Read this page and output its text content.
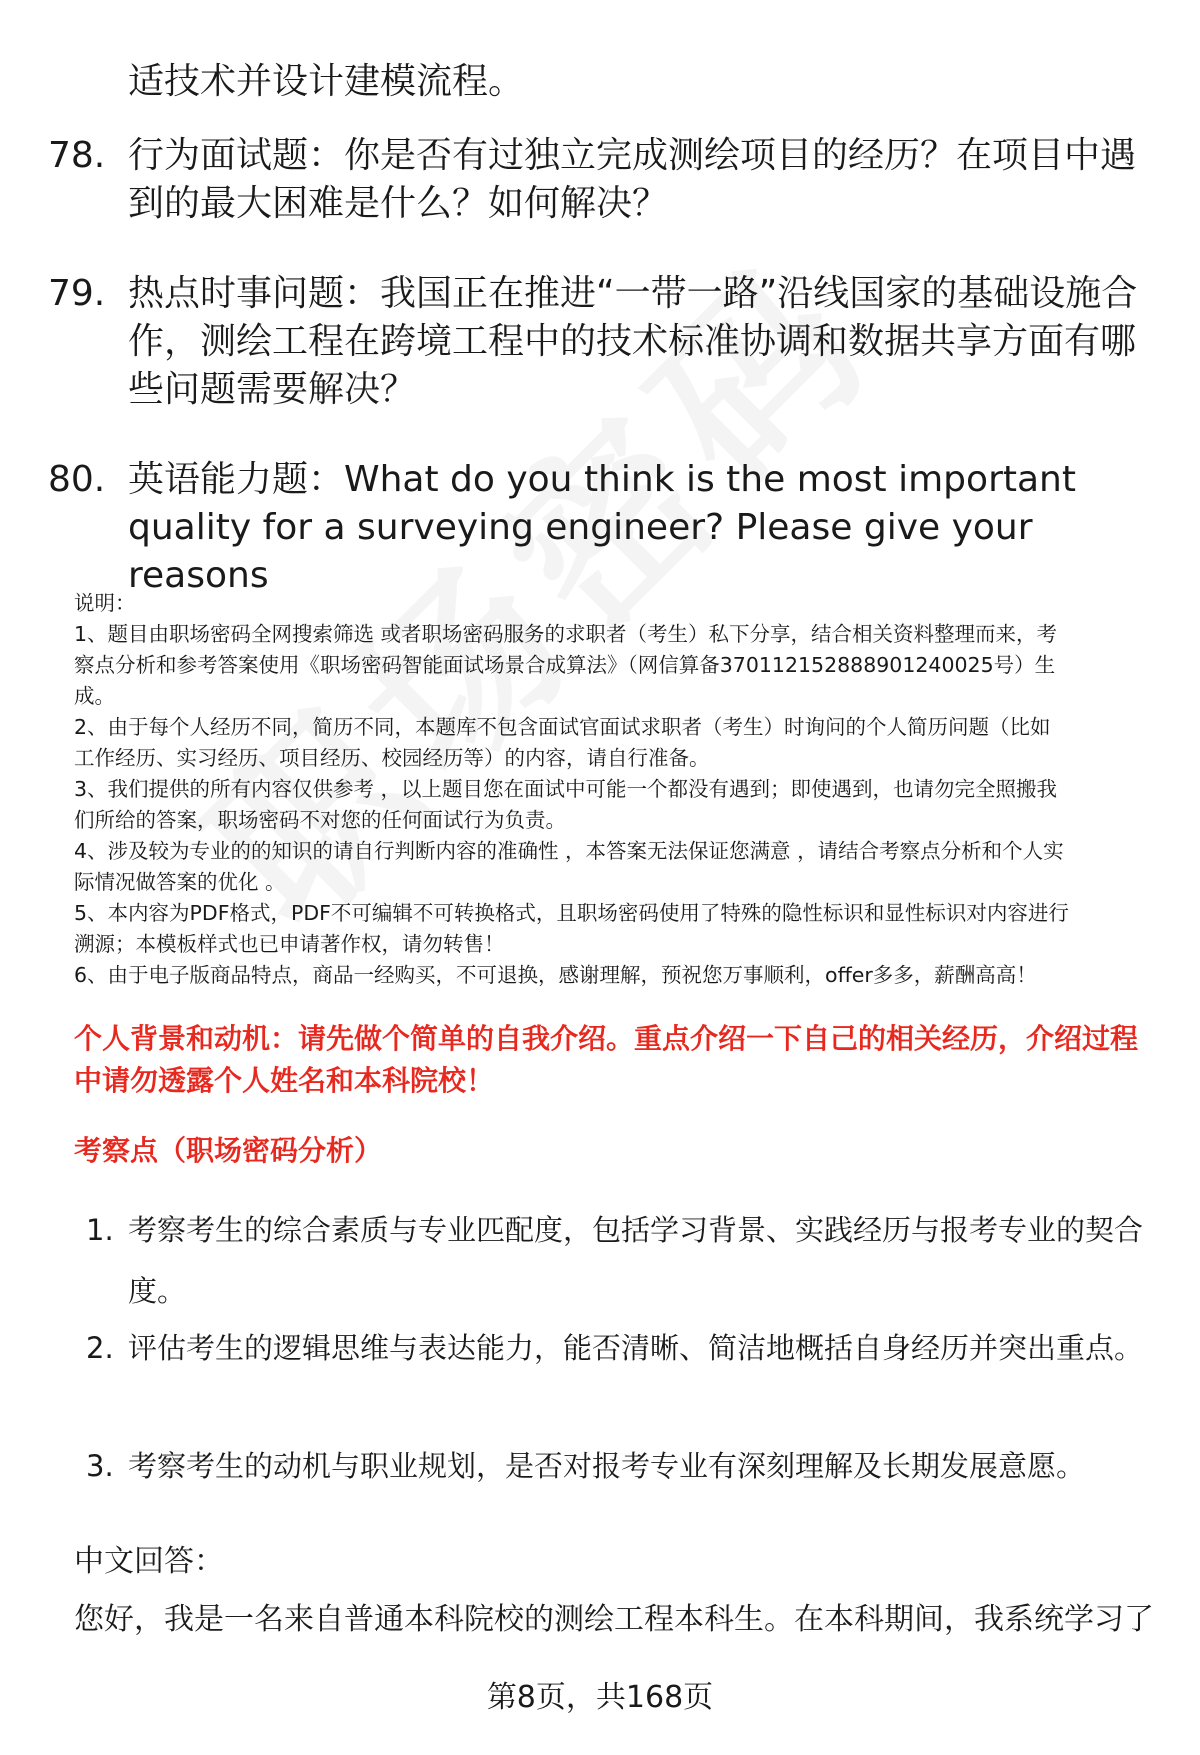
适技术并设计建模流程。
78. 行为面试题：你是否有过独立完成测绘项目的经历？在项目中遇到的最大困难是什么？如何解决？
79. 热点时事问题：我国正在推进“一带一路”沿线国家的基础设施合作，测绘工程在跨境工程中的技术标准协调和数据共享方面有哪些问题需要解决？
80. 英语能力题：What do you think is the most important quality for a surveying engineer? Please give your reasons
说明：
1、题目由职场密码全网搜索筛选 或者职场密码服务的求职者（考生）私下分享，结合相关资料整理而来，考
察点分析和参考答案使用《职场密码智能面试场景合成算法》（网信算备370112152888901240025号）生
成。
2、由于每个人经历不同，简历不同，本题库不包含面试官面试求职者（考生）时询问的个人简历问题（比如
工作经历、实习经历、项目经历、校园经历等）的内容，请自行准备。
3、我们提供的所有内容仅供参考 ，以上题目您在面试中可能一个都没有遇到；即使遇到，也请勿完全照搬我
们所给的答案，职场密码不对您的任何面试行为负责。
4、涉及较为专业的的知识的请自行判断内容的准确性 ，本答案无法保证您满意 ，请结合考察点分析和个人实
际情况做答案的优化 。
5、本内容为PDF格式，PDF不可编辑不可转换格式，且职场密码使用了特殊的隐性标识和显性标识对内容进行
溯源；本模板样式也已申请著作权，请勿转售！
6、由于电子版商品特点，商品一经购买，不可退换，感谢理解，预祝您万事顺利，offer多多，薪酬高高！
个人背景和动机：请先做个简单的自我介绍。重点介绍一下自己的相关经历，介绍过程中请勿透露个人姓名和本科院校！
考察点（职场密码分析）
1. 考察考生的综合素质与专业匹配度，包括学习背景、实践经历与报考专业的契合度。
2. 评估考生的逻辑思维与表达能力，能否清晰、简洁地概括自身经历并突出重点。
3. 考察考生的动机与职业规划，是否对报考专业有深刻理解及长期发展意愿。
中文回答：
您好，我是一名来自普通本科院校的测绘工程本科生。在本科期间，我系统学习了
第8页，共168页
